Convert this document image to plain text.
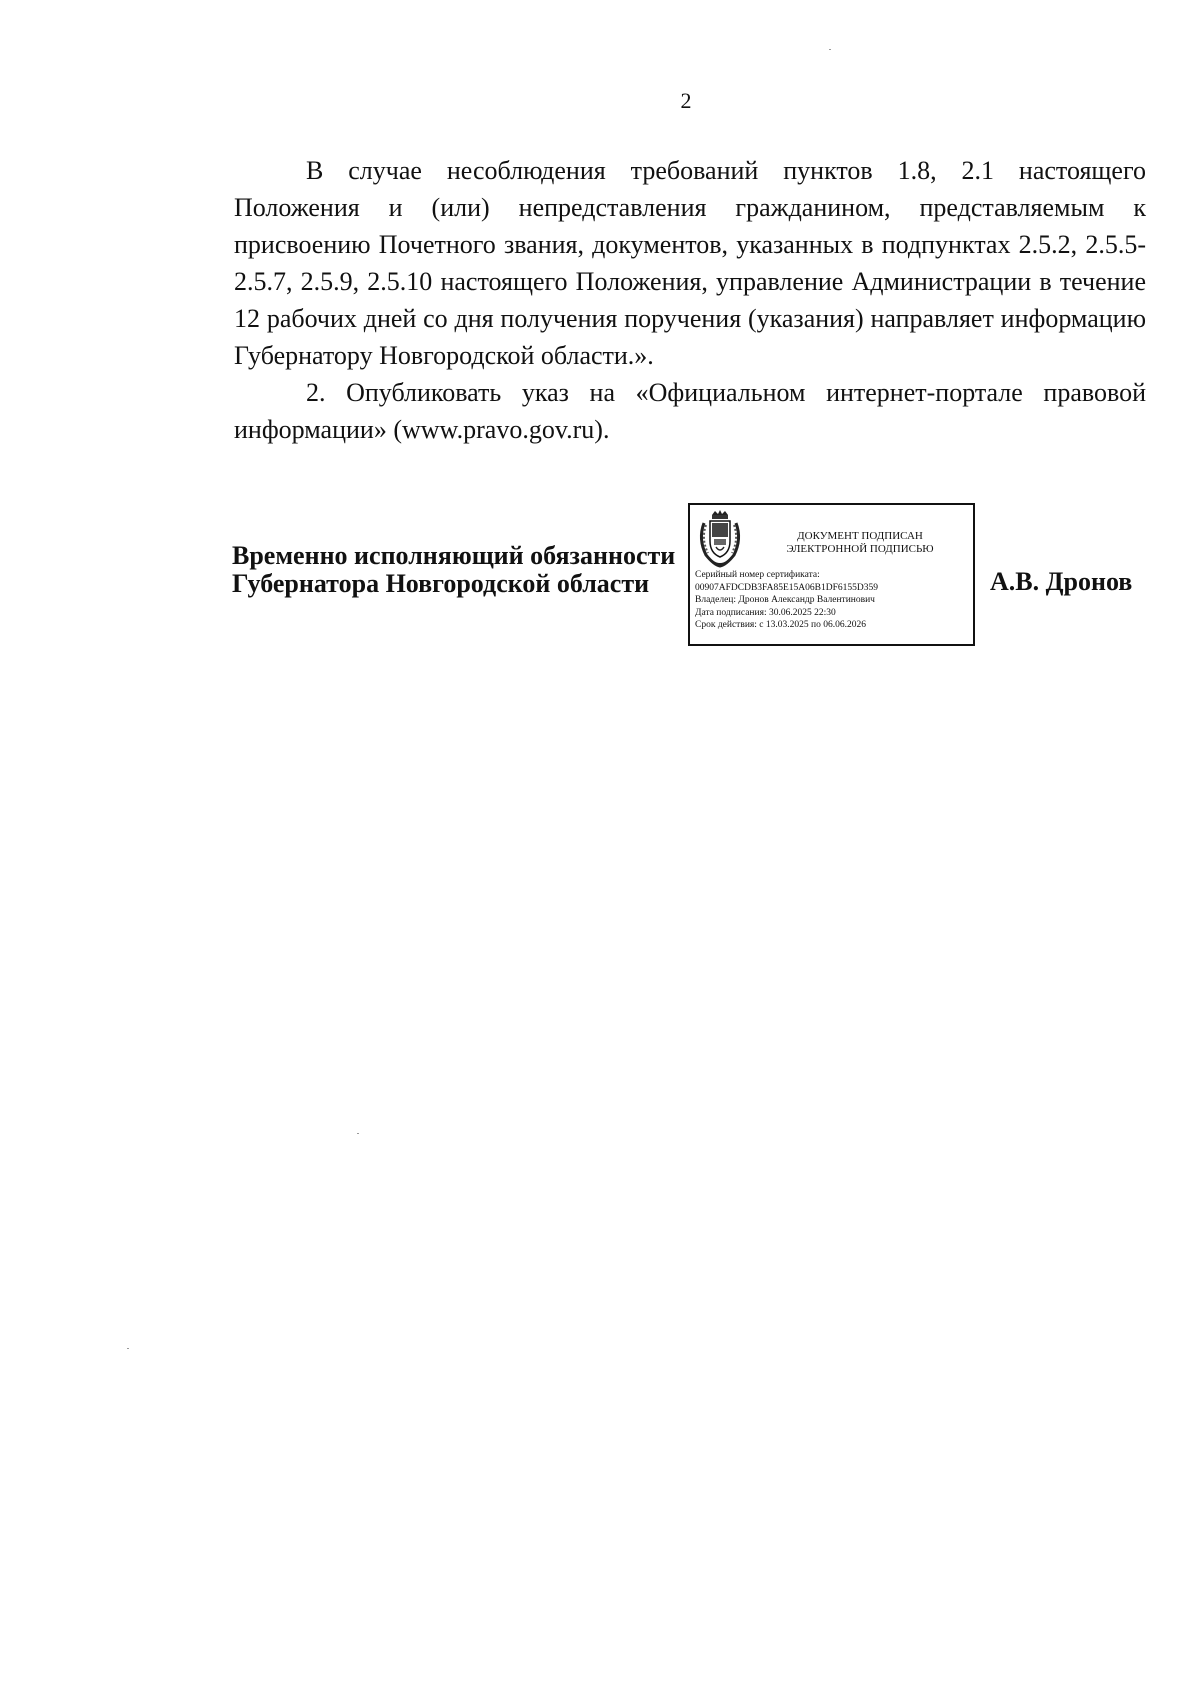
2

В случае несоблюдения требований пунктов 1.8, 2.1 настоящего Положения и (или) непредставления гражданином, представляемым к присвоению Почетного звания, документов, указанных в подпунктах 2.5.2, 2.5.5-2.5.7, 2.5.9, 2.5.10 настоящего Положения, управление Администрации в течение 12 рабочих дней со дня получения поручения (указания) направляет информацию Губернатору Новгородской области.».

2. Опубликовать указ на «Официальном интернет-портале правовой информации» (www.pravo.gov.ru).

Временно исполняющий обязанности
Губернатора Новгородской области
ДОКУМЕНТ ПОДПИСАН
ЭЛЕКТРОННОЙ ПОДПИСЬЮ
Серийный номер сертификата:
00907AFDCDB3FA85E15A06B1DF6155D359
Владелец: Дронов Александр Валентинович
Дата подписания: 30.06.2025 22:30
Срок действия: с 13.03.2025 по 06.06.2026
А.В. Дронов
